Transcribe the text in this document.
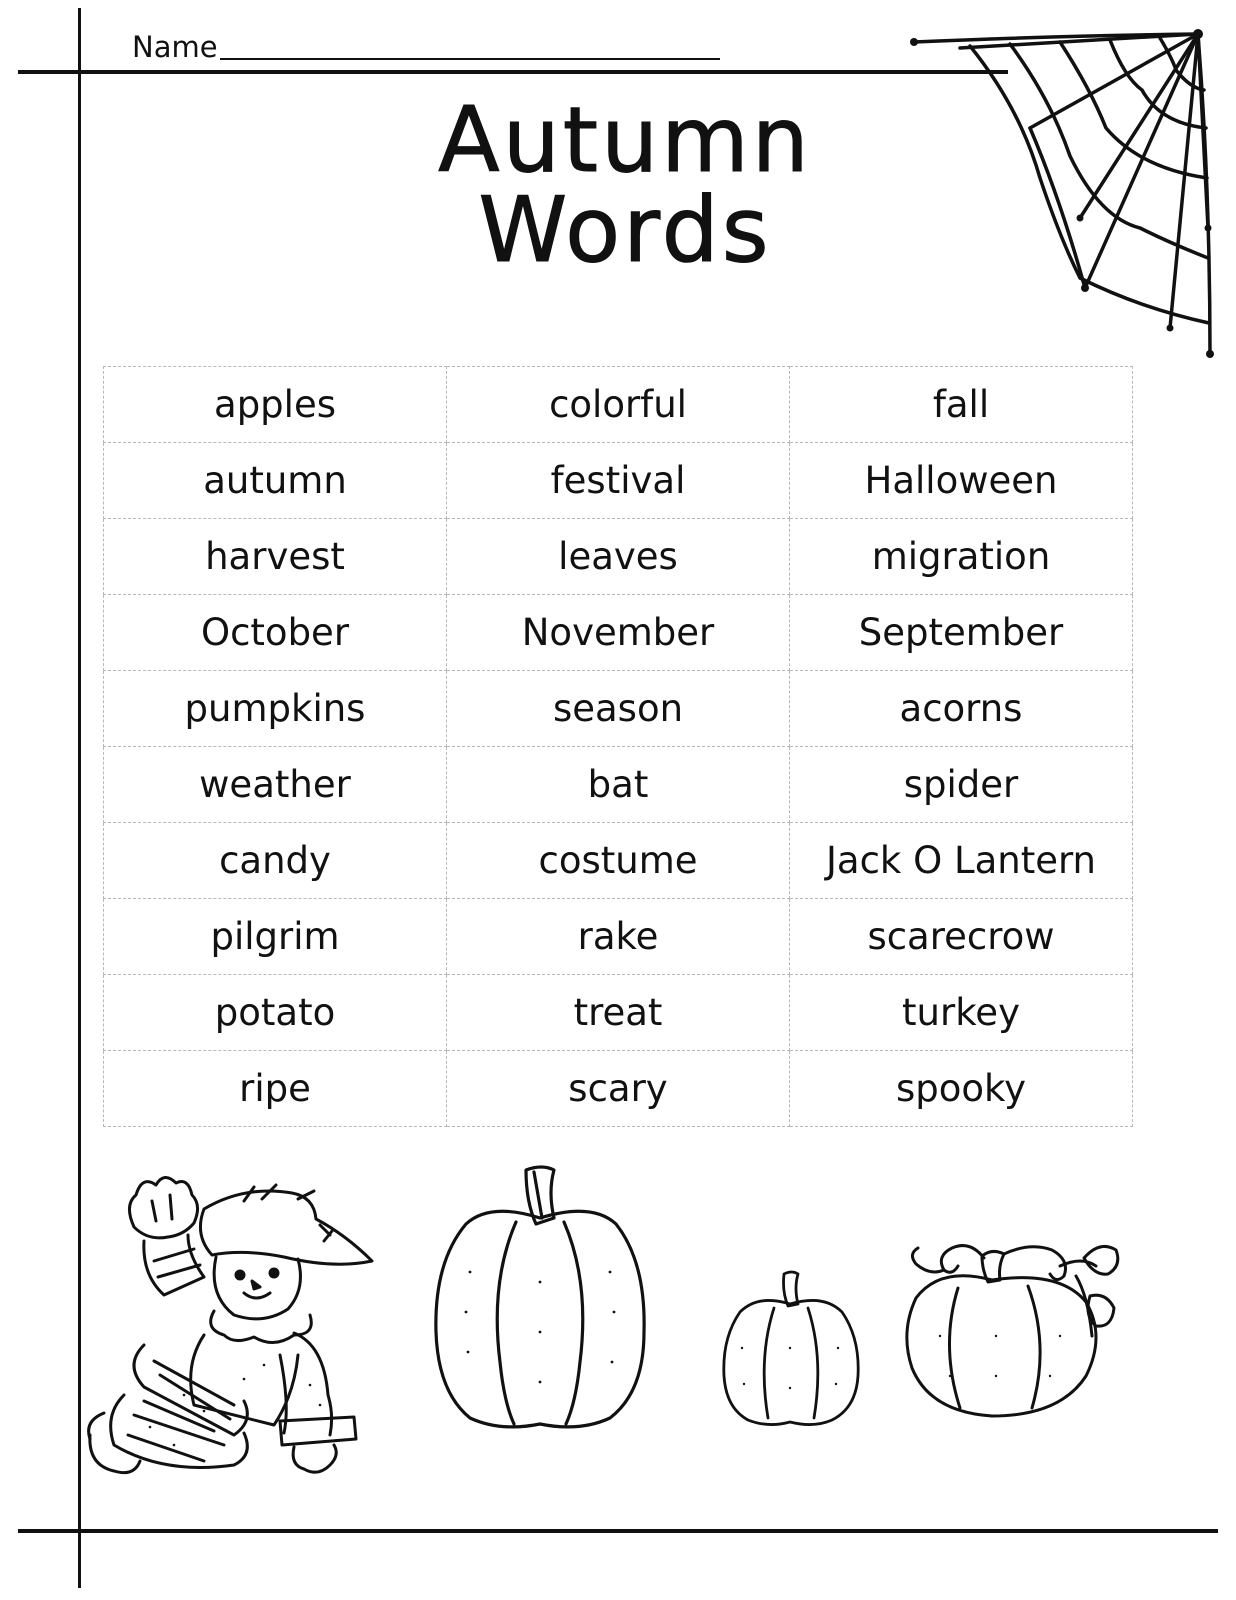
Name
Autumn Words
apples	colorful	fall
autumn	festival	Halloween
harvest	leaves	migration
October	November	September
pumpkins	season	acorns
weather	bat	spider
candy	costume	Jack O Lantern
pilgrim	rake	scarecrow
potato	treat	turkey
ripe	scary	spooky
